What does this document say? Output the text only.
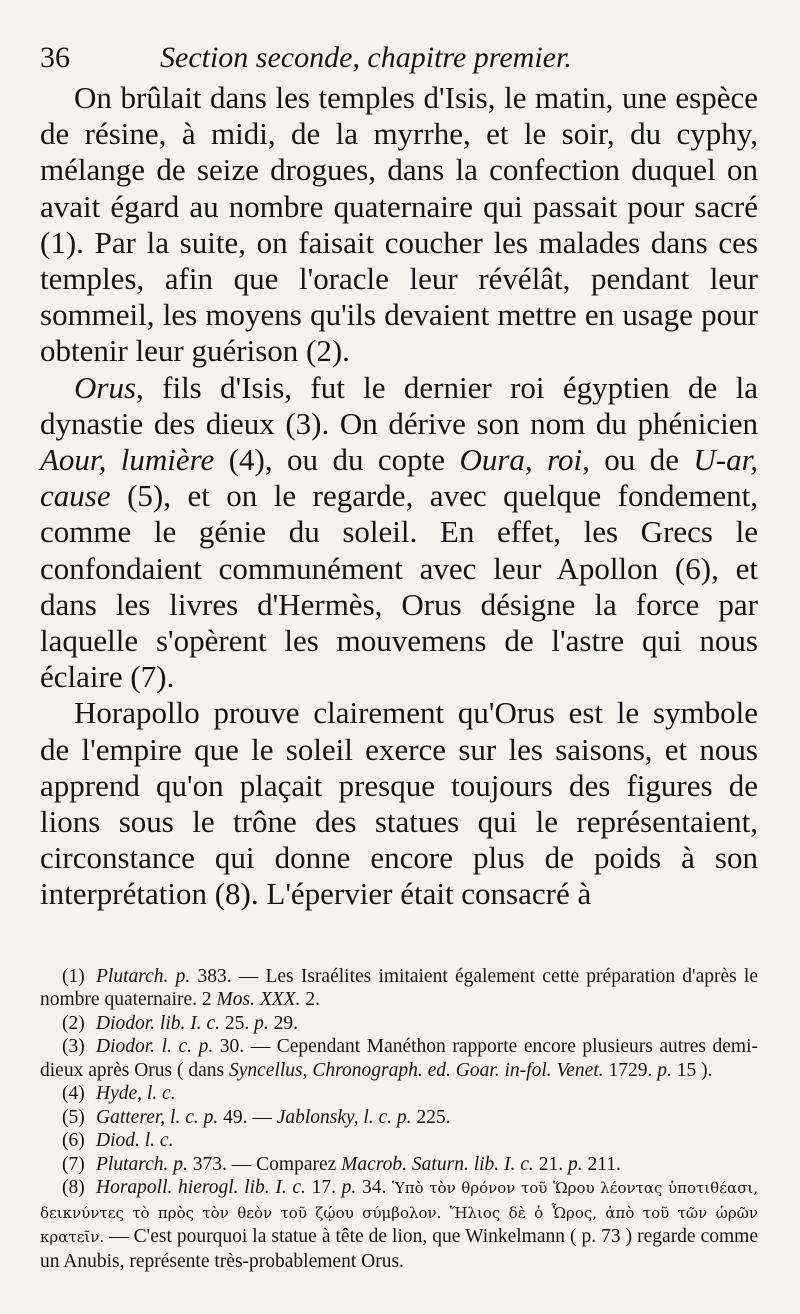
36	Section seconde, chapitre premier.

On brûlait dans les temples d'Isis, le matin, une espèce de résine, à midi, de la myrrhe, et le soir, du cyphy, mélange de seize drogues, dans la confection duquel on avait égard au nombre quaternaire qui passait pour sacré (1). Par la suite, on faisait coucher les malades dans ces temples, afin que l'oracle leur révélât, pendant leur sommeil, les moyens qu'ils devaient mettre en usage pour obtenir leur guérison (2).

Orus, fils d'Isis, fut le dernier roi égyptien de la dynastie des dieux (3). On dérive son nom du phénicien Aour, lumière (4), ou du copte Oura, roi, ou de U-ar, cause (5), et on le regarde, avec quelque fondement, comme le génie du soleil. En effet, les Grecs le confondaient communément avec leur Apollon (6), et dans les livres d'Hermès, Orus désigne la force par laquelle s'opèrent les mouvemens de l'astre qui nous éclaire (7).

Horapollo prouve clairement qu'Orus est le symbole de l'empire que le soleil exerce sur les saisons, et nous apprend qu'on plaçait presque toujours des figures de lions sous le trône des statues qui le représentaient, circonstance qui donne encore plus de poids à son interprétation (8). L'épervier était consacré à

(1) Plutarch. p. 383. — Les Israélites imitaient également cette préparation d'après le nombre quaternaire. 2 Mos. XXX. 2.

(2) Diodor. lib. I. c. 25. p. 29.

(3) Diodor. l. c. p. 30. — Cependant Manéthon rapporte encore plusieurs autres demi-dieux après Orus ( dans Syncellus, Chronograph. ed. Goar. in-fol. Venet. 1729. p. 15 ).

(4) Hyde, l. c.

(5) Gatterer, l. c. p. 49. — Jablonsky, l. c. p. 225.

(6) Diod. l. c.

(7) Plutarch. p. 373. — Comparez Macrob. Saturn. lib. I. c. 21. p. 211.

(8) Horapoll. hierogl. lib. I. c. 17. p. 34. Ὑπὸ τὸν θρόνον τοῦ Ὥρου λέοντας ὑποτιθέασι, δεικνύντες τὸ πρὸς τὸν θεὸν τοῦ ζῴου σύμβολον. Ἥλιος δὲ ὁ Ὧρος, ἀπὸ τοῦ τῶν ὡρῶν κρατεῖν. — C'est pourquoi la statue à tête de lion, que Winkelmann ( p. 73 ) regarde comme un Anubis, représente très-probablement Orus.
